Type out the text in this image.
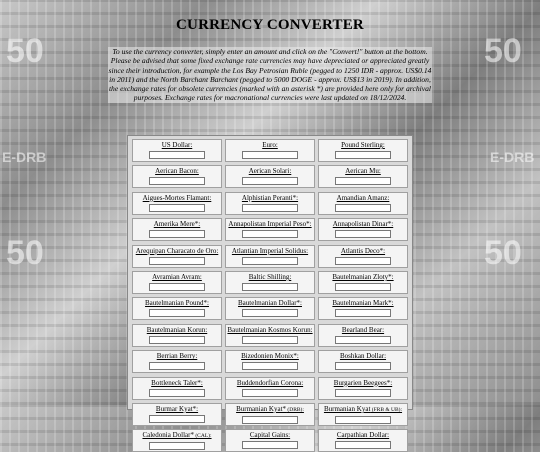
50	50
E-DRB	E-DRB
50	50
CURRENCY CONVERTER
To use the currency converter, simply enter an amount and click on the "Convert!" button at the bottom. Please be advised that some fixed exchange rate currencies may have depreciated or appreciated greatly since their introduction, for example the Los Bay Petrosian Ruble (pegged to 1250 IDR - approx. US$0.14 in 2011) and the North Barchant Barchant (pegged to 5000 DOGE - approx. US$13 in 2019). In addition, the exchange rates for obsolete currencies (marked with an asterisk *) are provided here only for archival purposes. Exchange rates for macronational currencies were last updated on 18/12/2024.
US Dollar:	Euro:	Pound Sterling:
Aerican Bacon:	Aerican Solari:	Aerican Mu:
Aigues-Mortes Flamant:	Alphistian Peranti*:	Amandian Amanz:
Amerika Mere*:	Annapolistan Imperial Peso*:	Annapolistan Dinar*:
Arequipan Characato de Oro:	Atlantian Imperial Solidus:	Atlantis Deco*:
Avramian Avram:	Baltic Shilling:	Bautelmanian Zloty*:
Bautelmanian Pound*:	Bautelmanian Dollar*:	Bautelmanian Mark*:
Bautelmanian Korun:	Bautelmanian Kosmos Korun:	Bearland Bear:
Berrian Berry:	Bizedonien Monix*:	Boshkan Dollar:
Bottleneck Taler*:	Buddendorfian Corona:	Burgarien Beegees*:
Burmar Kyat*:	Burmanian Kyat* (DRB):	Burmanian Kyat (FRB & UB):
Caledonia Dollar* (CAL):	Capital Gains:	Carpathian Dollar:
